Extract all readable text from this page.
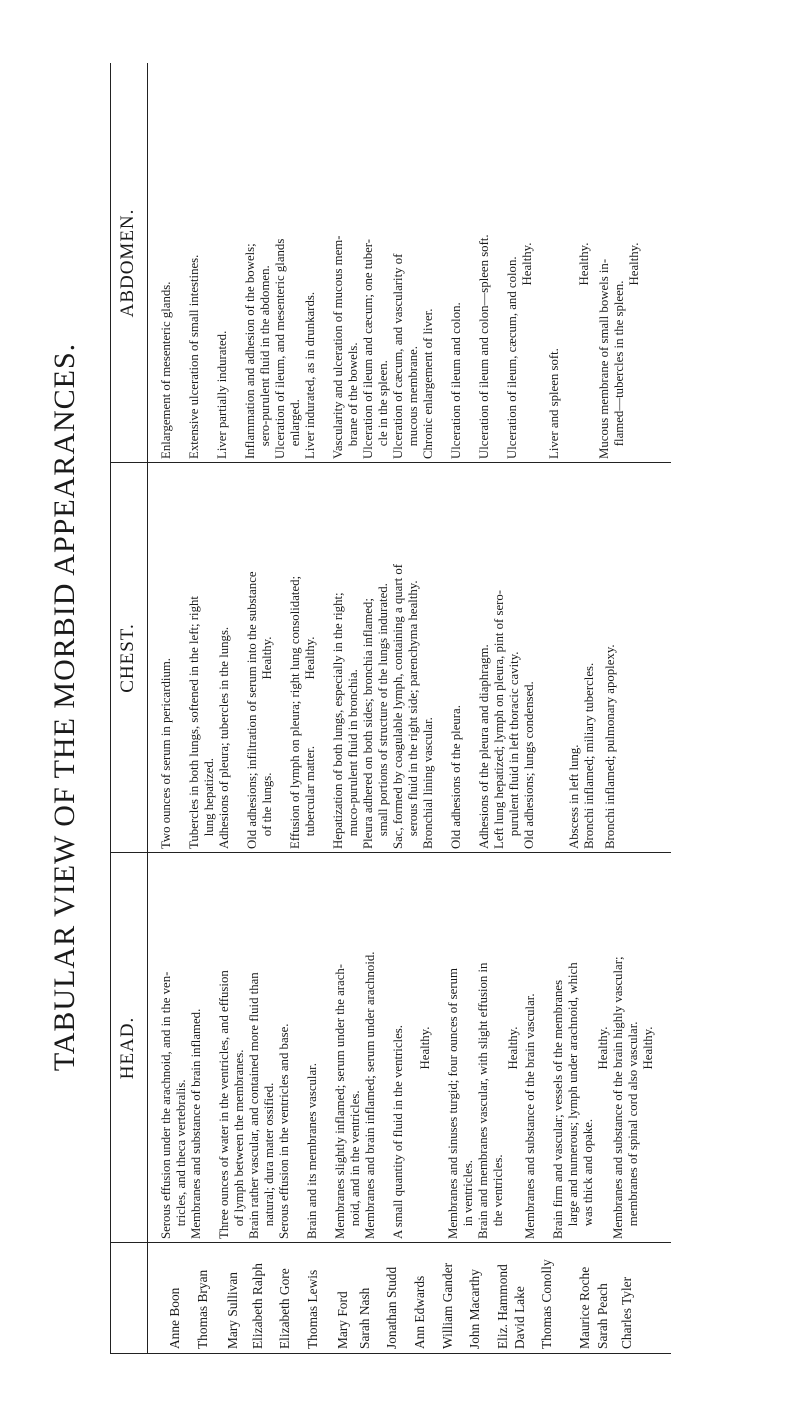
TABULAR VIEW OF THE MORBID APPEARANCES. HEAD.
CHEST.
ABDOMEN.
Anne Boon Thomas Bryan Mary Sullivan Elizabeth Ralph Elizabeth Gore Thomas Lewis Mary Ford Sarah Nash Jonathan Studd Ann Edwards William Gander John Macarthy Eliz. Hammond David Lake Thomas Conolly Maurice Roche Sarah Peach Charles Tyler
Serous effusion under the arachnoid, and in the ven- tricles, and theca vertebralis. Membranes and substance of brain inflamed. Three ounces of water in the ventricles, and effusion of lymph between the membranes. Brain rather vascular, and contained more fluid than natural; dura mater ossified. Serous effusion in the ventricles and base. Brain and its membranes vascular. Membranes slightly inflamed; serum under the arach- noid, and in the ventricles. Membranes and brain inflamed; serum under arachnoid. A small quantity of fluid in the ventricles. Healthy. Membranes and sinuses turgid; four ounces of serum in ventricles. Brain and membranes vascular, with slight effusion in the ventricles.
Healthy. Membranes and substance of the brain vascular. Brain firm and vascular; vessels of the membranes large and numerous; lymph under arachnoid, which was thick and opake.
Healthy. Membranes and substance of the brain highly vascular; membranes of spinal cord also vascular. Healthy.
Two ounces of serum in pericardium. Tubercles in both lungs, softened in the left; right lung hepatized. Adhesions of pleura; tubercles in the lungs. Old adhesions; infiltration of serum into the substance of the lungs.
Healthy. Effusion of lymph on pleura; right lung consolidated; tubercular matter.
Healthy. Hepatization of both lungs, especially in the right; muco-purulent fluid in bronchia. Pleura adhered on both sides; bronchia inflamed; small portions of structure of the lungs indurated. Sac, formed by coagulable lymph, containing a quart of serous fluid in the right side; parenchyma healthy. Bronchial lining vascular. Old adhesions of the pleura. Adhesions of the pleura and diaphragm. Left lung hepatized; lymph on pleura, pint of sero- purulent fluid in left thoracic cavity. Old adhesions; lungs condensed. Abscess in left lung. Bronchi inflamed; miliary tubercles. Bronchi inflamed; pulmonary apoplexy.
Enlargement of mesenteric glands. Extensive ulceration of small intestines. Liver partially indurated. Inflammation and adhesion of the bowels; sero-purulent fluid in the abdomen. Ulceration of ileum, and mesenteric glands enlarged. Liver indurated, as in drunkards. Vascularity and ulceration of mucous mem- brane of the bowels. Ulceration of ileum and cæcum; one tuber- cle in the spleen. Ulceration of cæcum, and vascularity of mucous membrane. Chronic enlargement of liver. Ulceration of ileum and colon. Ulceration of ileum and colon—spleen soft. Ulceration of ileum, cæcum, and colon. Healthy.
Liver and spleen soft.
Healthy. Mucous membrane of small bowels in- flamed—tubercles in the spleen.
Healthy.
